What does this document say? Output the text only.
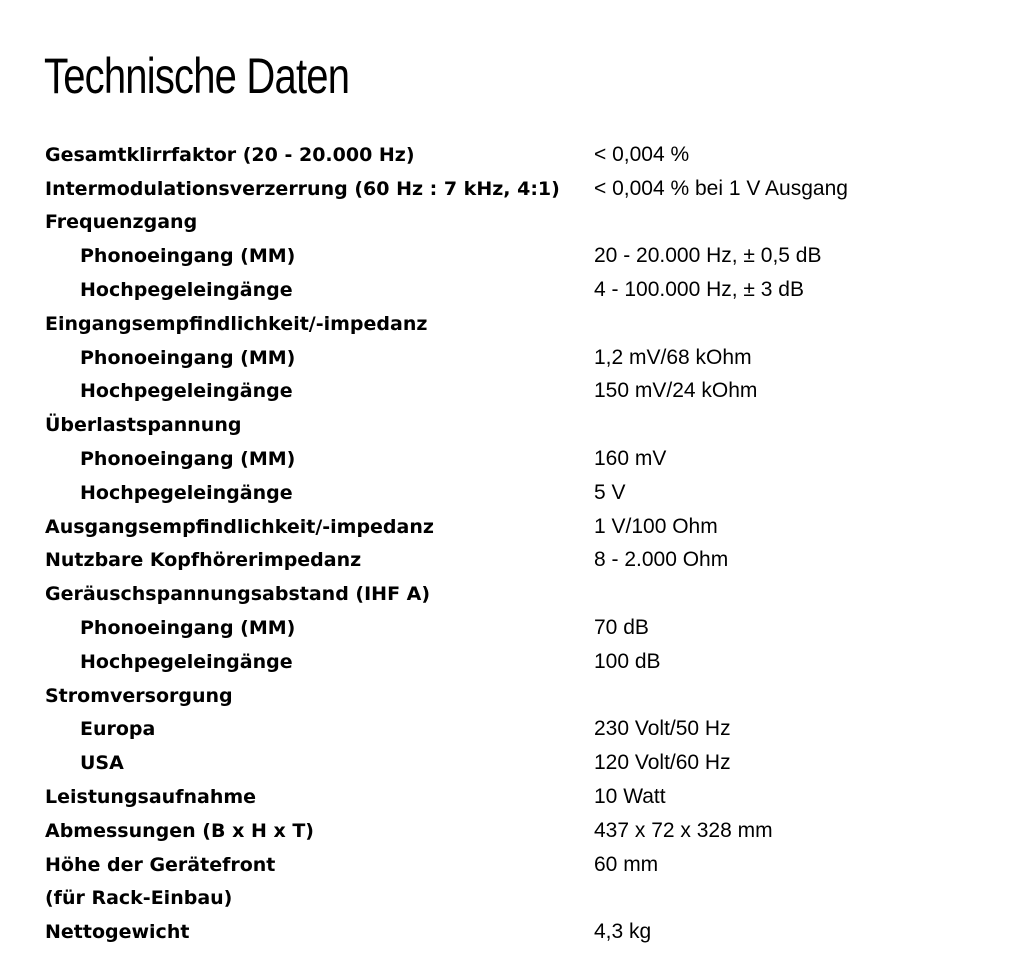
Technische Daten
Gesamtklirrfaktor (20 - 20.000 Hz)	< 0,004 %
Intermodulationsverzerrung (60 Hz : 7 kHz, 4:1)	< 0,004 % bei 1 V Ausgang
Frequenzgang
Phonoeingang (MM)	20 - 20.000 Hz, ± 0,5 dB
Hochpegeleingänge	4 - 100.000 Hz, ± 3 dB
Eingangsempfindlichkeit/-impedanz
Phonoeingang (MM)	1,2 mV/68 kOhm
Hochpegeleingänge	150 mV/24 kOhm
Überlastspannung
Phonoeingang (MM)	160 mV
Hochpegeleingänge	5 V
Ausgangsempfindlichkeit/-impedanz	1 V/100 Ohm
Nutzbare Kopfhörerimpedanz	8 - 2.000 Ohm
Geräuschspannungsabstand (IHF A)
Phonoeingang (MM)	70 dB
Hochpegeleingänge	100 dB
Stromversorgung
Europa	230 Volt/50 Hz
USA	120 Volt/60 Hz
Leistungsaufnahme	10 Watt
Abmessungen (B x H x T)	437 x 72 x 328 mm
Höhe der Gerätefront	60 mm
(für Rack-Einbau)
Nettogewicht	4,3 kg
